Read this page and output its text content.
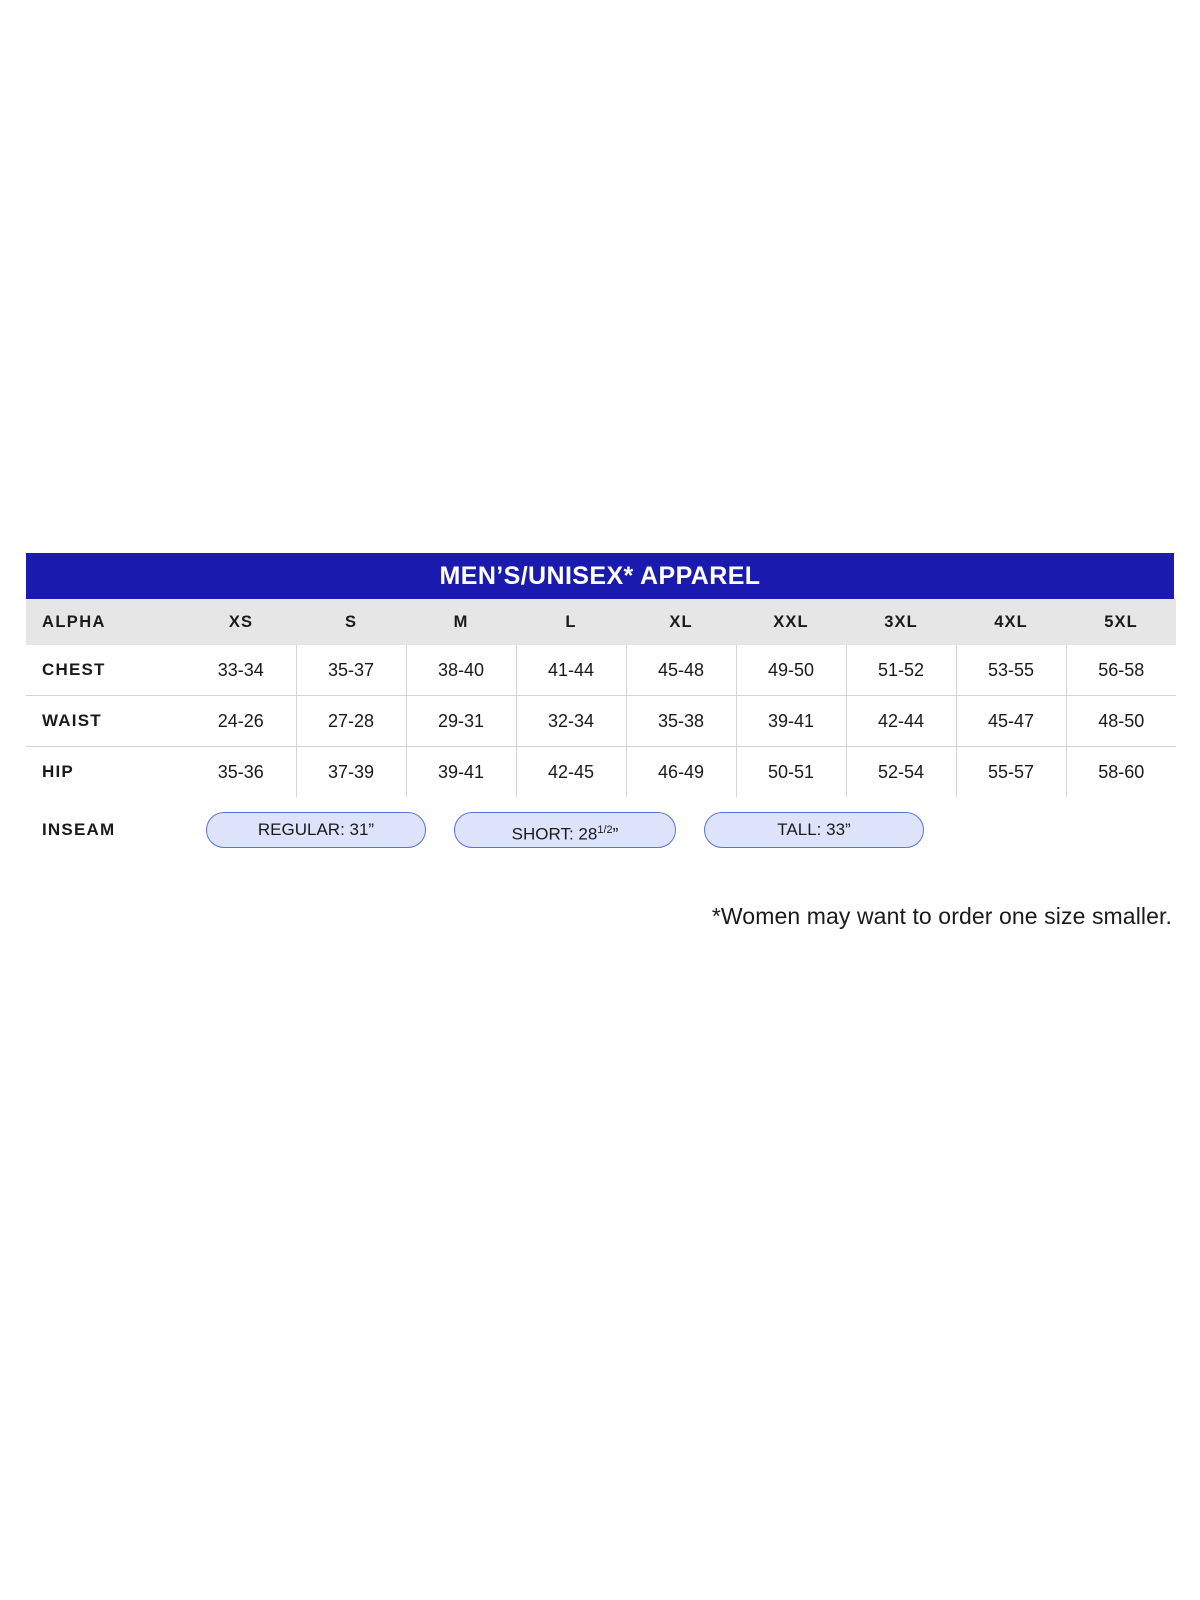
MEN’S/UNISEX* APPAREL
ALPHA	XS	S	M	L	XL	XXL	3XL	4XL	5XL
CHEST	33-34	35-37	38-40	41-44	45-48	49-50	51-52	53-55	56-58
WAIST	24-26	27-28	29-31	32-34	35-38	39-41	42-44	45-47	48-50
HIP	35-36	37-39	39-41	42-45	46-49	50-51	52-54	55-57	58-60
INSEAM	REGULAR: 31”	SHORT: $28^{1/2}$”	TALL: 33”
*Women may want to order one size smaller.
